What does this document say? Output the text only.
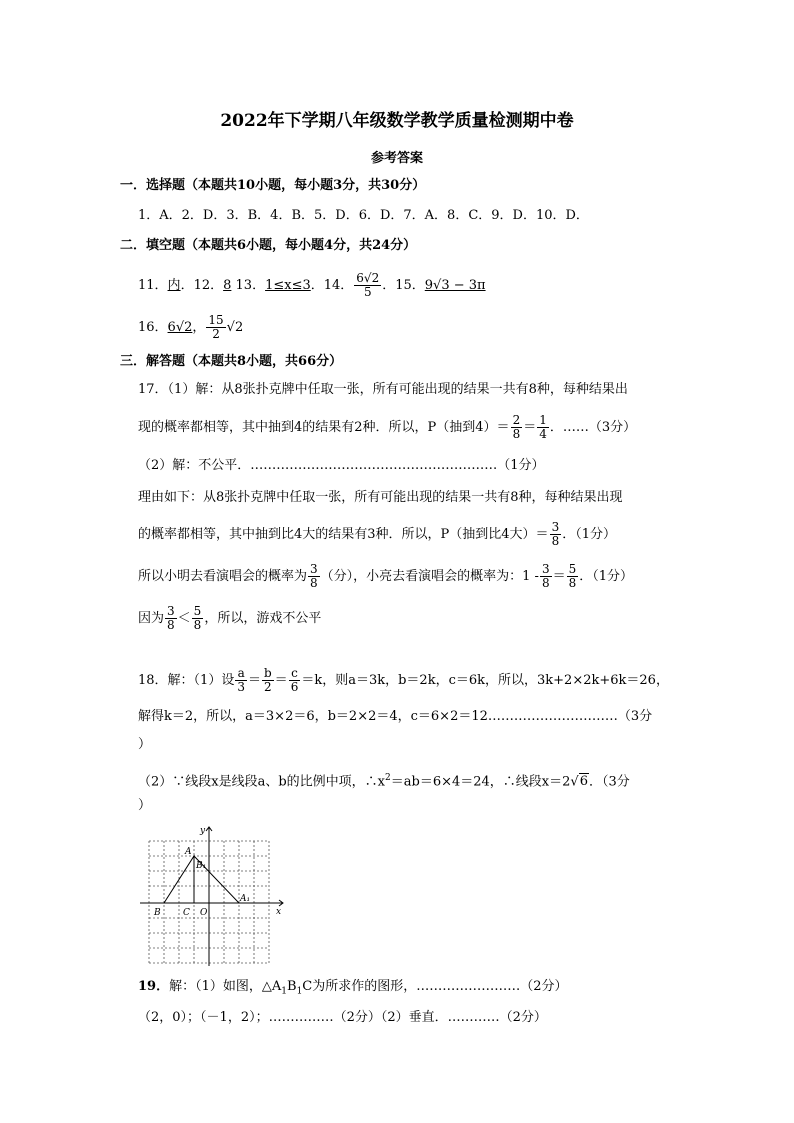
2022年下学期八年级数学教学质量检测期中卷
参考答案
一．选择题（本题共10小题，每小题3分，共30分）
1．A．2．D．3．B．4．B．5．D．6．D．7．A．8．C．9．D．10．D．
二．填空题（本题共6小题，每小题4分，共24分）
11．内．12．8 13．1≤x≤3．14． $\frac{6√2}{5}$ ．15．9√3 − 3π
16．6√2， $\frac{15}{2} √2$
三．解答题（本题共8小题，共66分）
17．（1）解：从8张扑克牌中任取一张，所有可能出现的结果一共有8种，每种结果出
现的概率都相等，其中抽到4的结果有2种．所以，P（抽到$4)= \frac{2}{8} = \frac{1}{4}$ ．……（3分）
（2）解：不公平．…………………………………………………（1分）
理由如下：从8张扑克牌中任取一张，所有可能出现的结果一共有8种，每种结果出现
的概率都相等，其中抽到比4大的结果有3种．所以，P（抽到比4大）＝ $\frac{3}{8}$ ．（1分）
所以小明去看演唱会的概率为 $\frac{3}{8}$ （分），小亮去看演唱会的概率为：$1 - \frac{3}{8} = \frac{5}{8}$ ．（1分）
因为 $\frac{3}{8} < \frac{5}{8}$ ，所以，游戏不公平
18．解：（1）设 $\frac{a}{3} = \frac{b}{2} = \frac{c}{6} =k$，则a＝3k，b＝2k，c＝6k，所以，3k+2×2k+6k＝26，
解得k＝2，所以，a＝3×2＝6，b＝2×2＝4，c＝6×2＝12…………………………（3分
）
（2）∵线段x是线段a、b的比例中项，$\therefore x^2=ab=6\times 4=24$，∴线段x＝2√6．（3分
）
x
y
A
B₁
A₁
B C O
19．解：（1）如图，$\triangle A_1B_1C$为所求作的图形，……………………（2分）
（2，0）；（－1，2）；……………（2分）（2）垂直．…………（2分）
